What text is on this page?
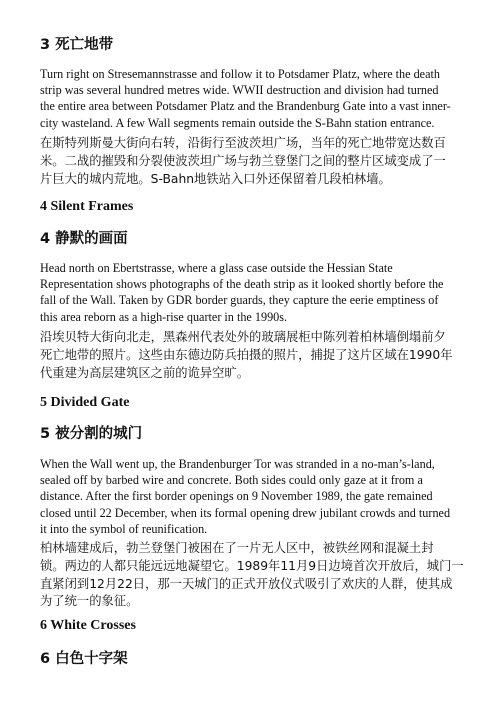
3 死亡地带

Turn right on Stresemannstrasse and follow it to Potsdamer Platz, where the death
strip was several hundred metres wide. WWII destruction and division had turned
the entire area between Potsdamer Platz and the Brandenburg Gate into a vast inner-
city wasteland. A few Wall segments remain outside the S-Bahn station entrance.

在斯特列斯曼大街向右转，沿街行至波茨坦广场，当年的死亡地带宽达数百
米。二战的摧毁和分裂使波茨坦广场与勃兰登堡门之间的整片区域变成了一
片巨大的城内荒地。S-Bahn地铁站入口外还保留着几段柏林墙。

4 Silent Frames
4 静默的画面

Head north on Ebertstrasse, where a glass case outside the Hessian State
Representation shows photographs of the death strip as it looked shortly before the
fall of the Wall. Taken by GDR border guards, they capture the eerie emptiness of
this area reborn as a high-rise quarter in the 1990s.

沿埃贝特大街向北走，黑森州代表处外的玻璃展柜中陈列着柏林墙倒塌前夕
死亡地带的照片。这些由东德边防兵拍摄的照片，捕捉了这片区域在1990年
代重建为高层建筑区之前的诡异空旷。

5 Divided Gate
5 被分割的城门

When the Wall went up, the Brandenburger Tor was stranded in a no-man’s-land,
sealed off by barbed wire and concrete. Both sides could only gaze at it from a
distance. After the first border openings on 9 November 1989, the gate remained
closed until 22 December, when its formal opening drew jubilant crowds and turned
it into the symbol of reunification.

柏林墙建成后，勃兰登堡门被困在了一片无人区中，被铁丝网和混凝土封
锁。两边的人都只能远远地凝望它。1989年11月9日边境首次开放后，城门一
直紧闭到12月22日，那一天城门的正式开放仪式吸引了欢庆的人群，使其成
为了统一的象征。

6 White Crosses
6 白色十字架
